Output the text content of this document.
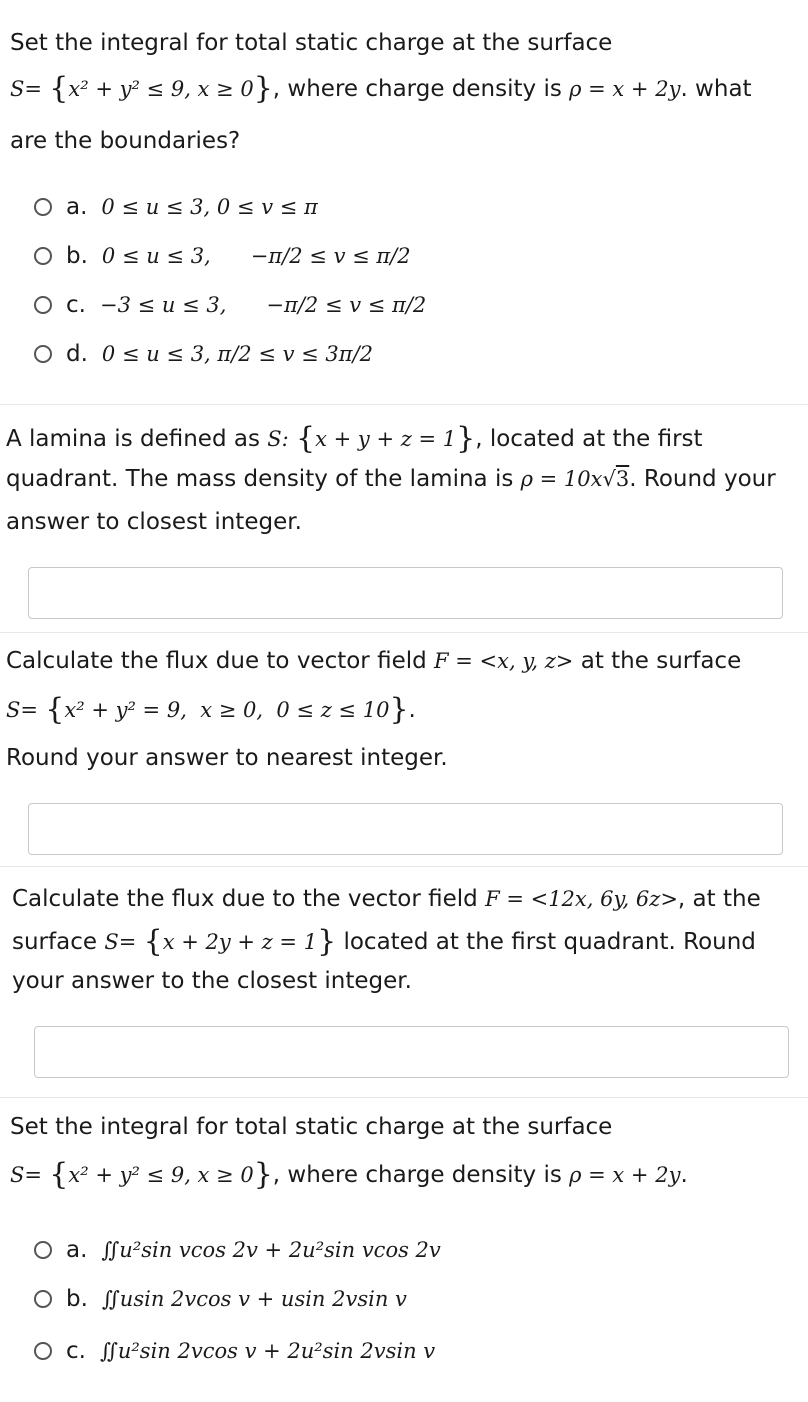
Set the integral for total static charge at the surface
S= {x² + y² ≤ 9, x ≥ 0}, where charge density is ρ = x + 2y. what
are the boundaries?
a. 0 ≤ u ≤ 3, 0 ≤ v ≤ π
b. 0 ≤ u ≤ 3,      −π/2 ≤ v ≤ π/2
c. −3 ≤ u ≤ 3,      −π/2 ≤ v ≤ π/2
d. 0 ≤ u ≤ 3, π/2 ≤ v ≤ 3π/2
A lamina is defined as S: {x + y + z = 1}, located at the first
quadrant. The mass density of the lamina is ρ = 10x√3. Round your
answer to closest integer.
Calculate the flux due to vector field F = <x, y, z> at the surface
S= {x² + y² = 9,  x ≥ 0,  0 ≤ z ≤ 10}.
Round your answer to nearest integer.
Calculate the flux due to the vector field F = <12x, 6y, 6z>, at the
surface S= {x + 2y + z = 1} located at the first quadrant. Round
your answer to the closest integer.
Set the integral for total static charge at the surface
S= {x² + y² ≤ 9, x ≥ 0}, where charge density is ρ = x + 2y.
a. ∬u²sin vcos 2v + 2u²sin vcos 2v
b. ∬usin 2vcos v + usin 2vsin v
c. ∬u²sin 2vcos v + 2u²sin 2vsin v
